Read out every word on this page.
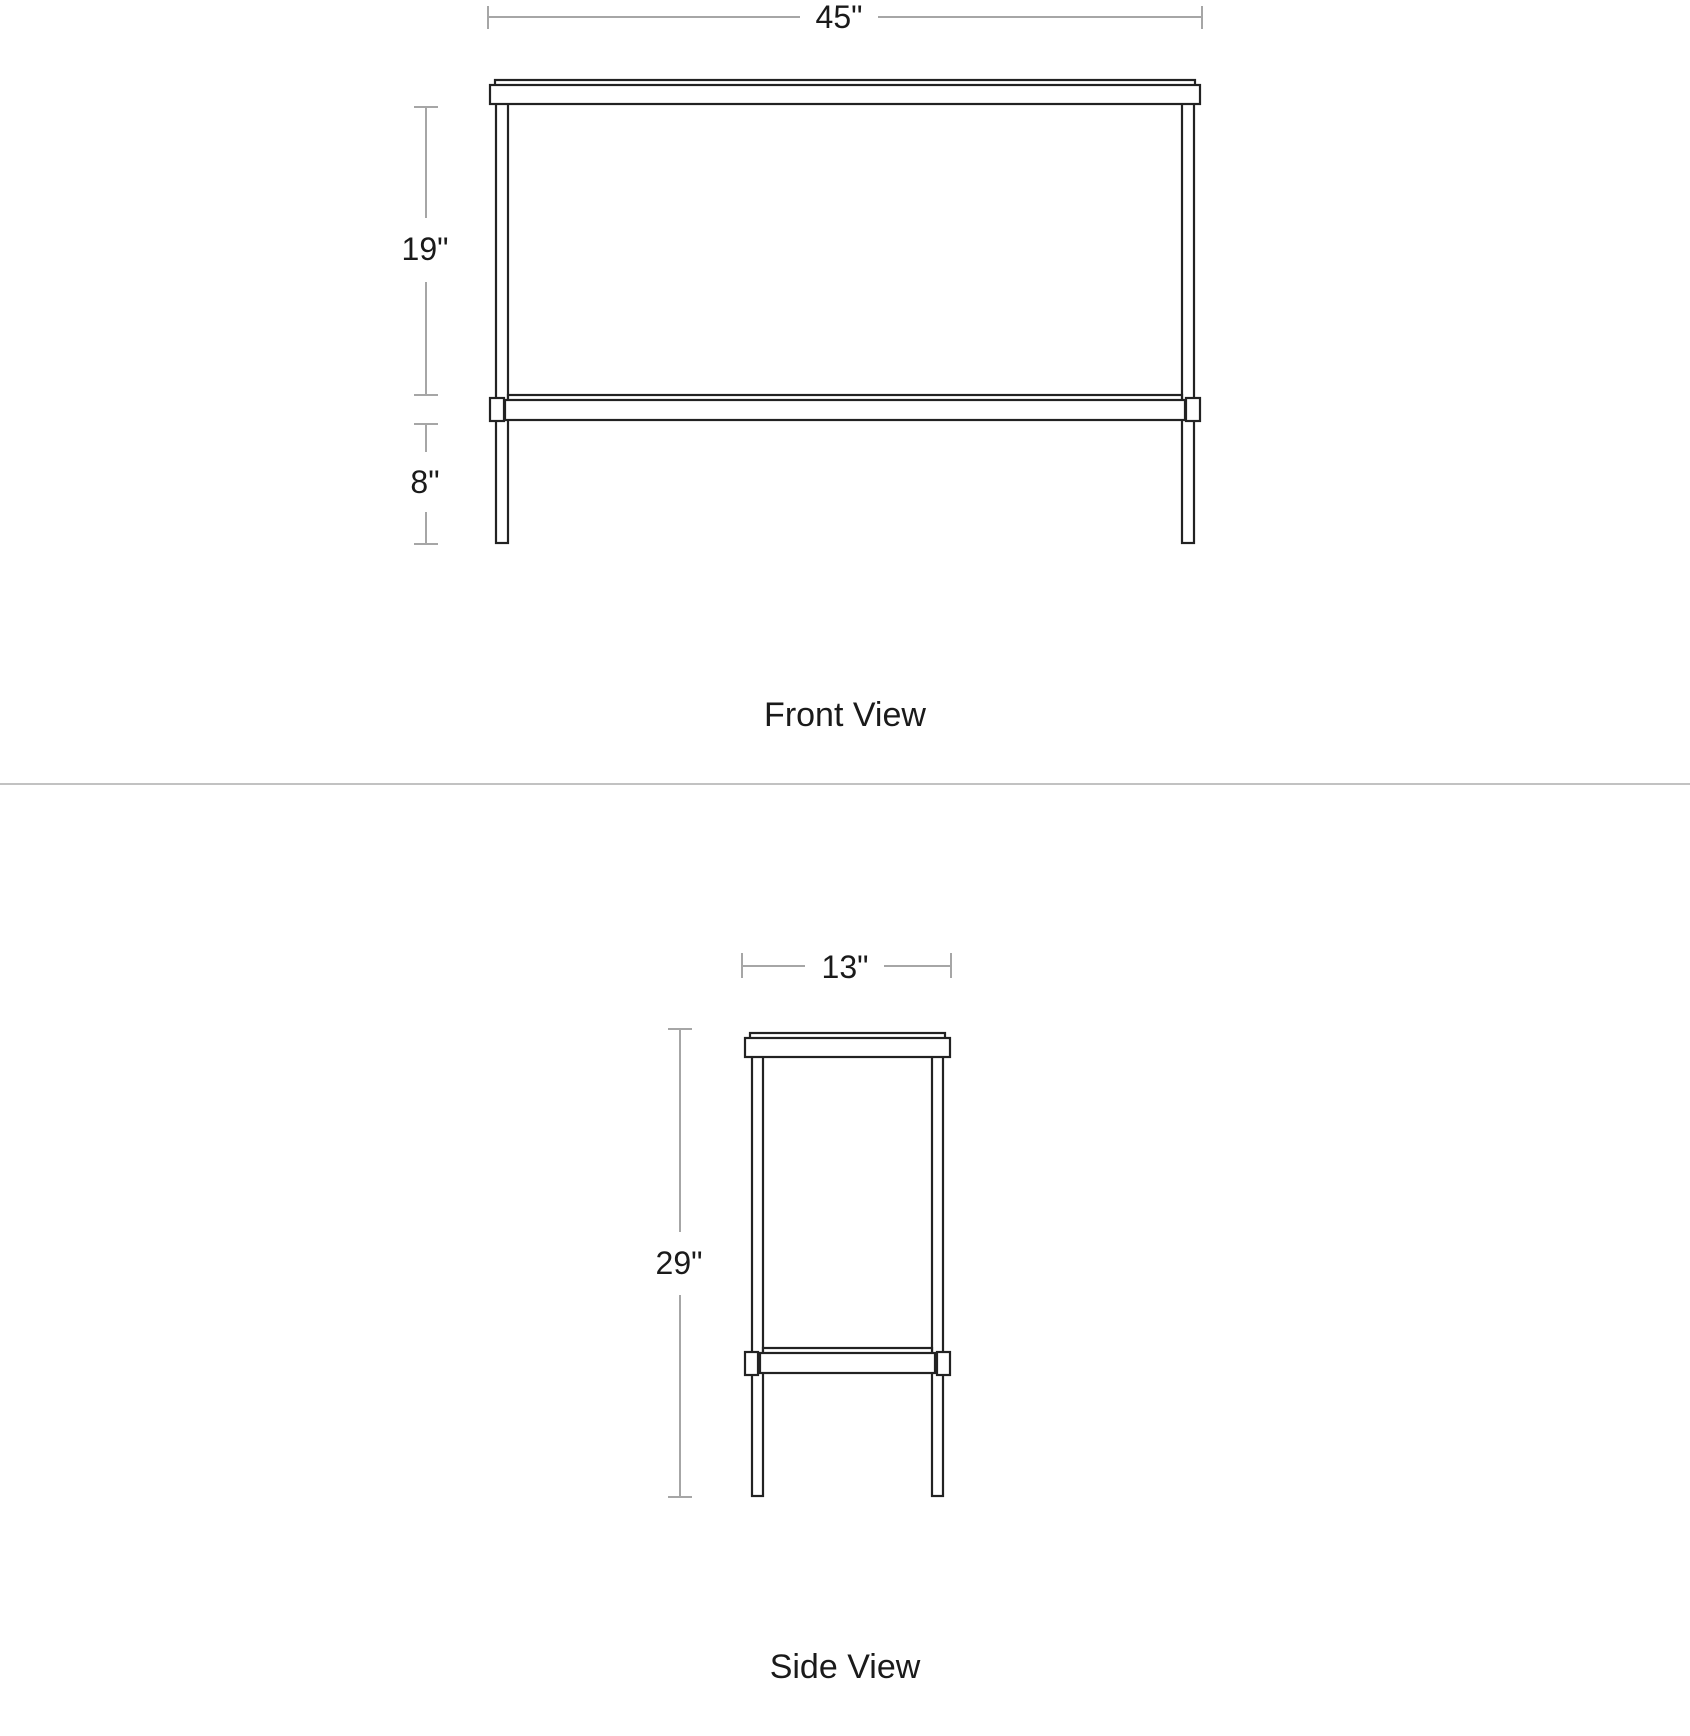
45"
19"
8"
Front View
13"
29"
Side View
